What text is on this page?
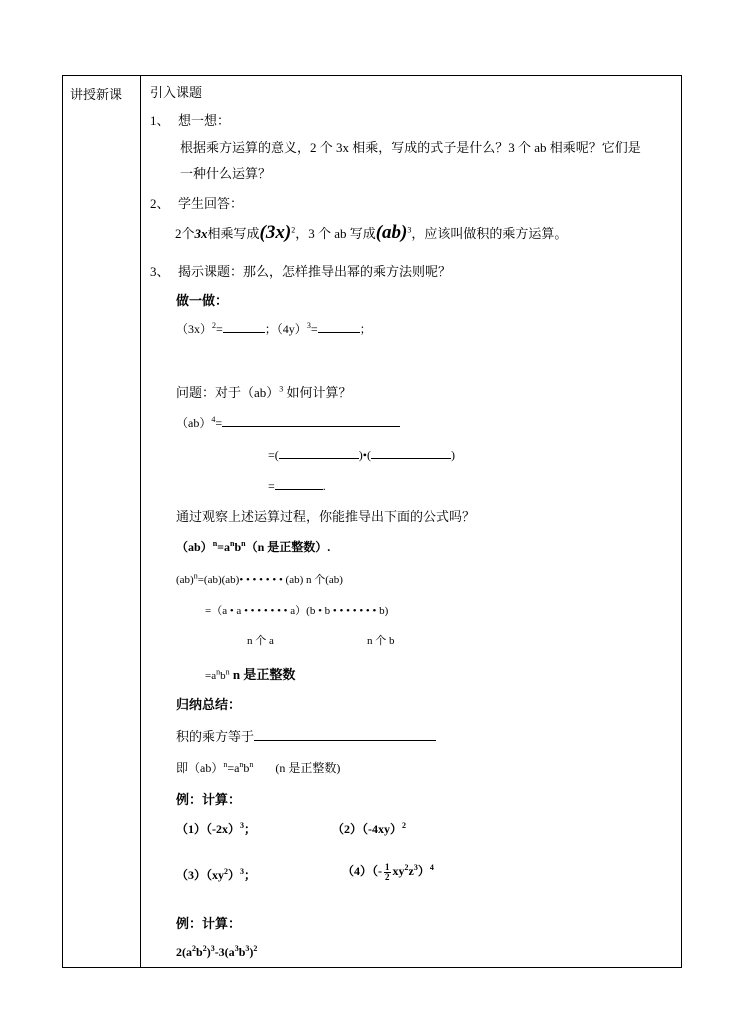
讲授新课 引入课题
1、 想一想：
根据乘方运算的意义，2 个 3x 相乘，写成的式子是什么？3 个 ab 相乘呢？它们是
一种什么运算？
2、 学生回答：
2个3x相乘写成$(3x)^2$，3 个 ab 写成(ab)$^3$，应该叫做积的乘方运算。
3、 揭示课题：那么，怎样推导出幂的乘方法则呢？
做一做：
$(3x)^2=$	；$(4y)^3=$	；
问题：对于（ab）$^3$ 如何计算？
（ab）$^4$=
=(	)•(	)
=	.
通过观察上述运算过程，你能推导出下面的公式吗？
$(ab)^n=a^nb^n(n$ 是正整数）.
(ab)$^n$=(ab)(ab)• • • • • • • (ab) n 个(ab)
=（a • a • • • • • • • a）(b • b • • • • • • • b)
n 个 a	n 个 b
$=a^nb^n$ n 是正整数
归纳总结：
积的乘方等于
即$(ab)^n=a^nb^n$ (n 是正整数)
例：计算：
$(1)(-2x)^3$；	$(2)(-4xy)^2$
$(3)(xy^2)^3$；	$(4)(- \frac{1}{2} xy^2z^3)^4$
例：计算：
$2(a^2b^2)^3-3(a^3b^3)^2$
